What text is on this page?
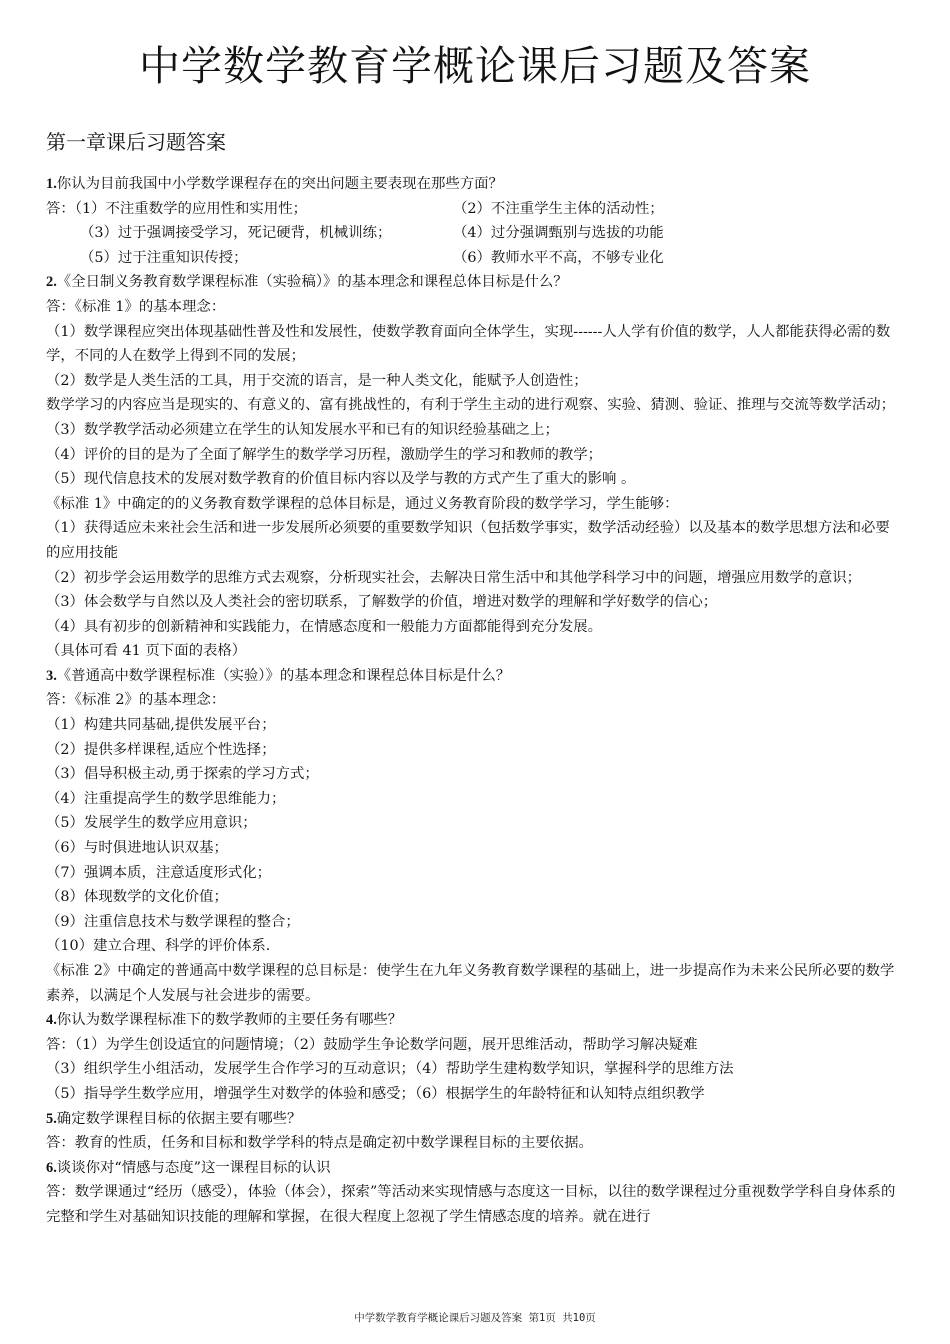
中学数学教育学概论课后习题及答案
第一章课后习题答案
1.你认为目前我国中小学数学课程存在的突出问题主要表现在那些方面？
答：（1）不注重数学的应用性和实用性；	（2）不注重学生主体的活动性；
（3）过于强调接受学习，死记硬背，机械训练；	（4）过分强调甄别与选拔的功能
（5）过于注重知识传授；	（6）教师水平不高，不够专业化
2.《全日制义务教育数学课程标准（实验稿）》的基本理念和课程总体目标是什么？
答：《标准 1》的基本理念：
（1）数学课程应突出体现基础性普及性和发展性，使数学教育面向全体学生，实现------人人学有价值的数学，人人都能获得必需的数学，不同的人在数学上得到不同的发展；
（2）数学是人类生活的工具，用于交流的语言，是一种人类文化，能赋予人创造性；
数学学习的内容应当是现实的、有意义的、富有挑战性的，有利于学生主动的进行观察、实验、猜测、验证、推理与交流等数学活动；
（3）数学教学活动必须建立在学生的认知发展水平和已有的知识经验基础之上；
（4）评价的目的是为了全面了解学生的数学学习历程，激励学生的学习和教师的教学；
（5）现代信息技术的发展对数学教育的价值目标内容以及学与教的方式产生了重大的影响 。
《标准 1》中确定的的义务教育数学课程的总体目标是，通过义务教育阶段的数学学习，学生能够：
（1）获得适应未来社会生活和进一步发展所必须要的重要数学知识（包括数学事实，数学活动经验）以及基本的数学思想方法和必要的应用技能
（2）初步学会运用数学的思维方式去观察，分析现实社会，去解决日常生活中和其他学科学习中的问题，增强应用数学的意识；
（3）体会数学与自然以及人类社会的密切联系，了解数学的价值，增进对数学的理解和学好数学的信心；
（4）具有初步的创新精神和实践能力，在情感态度和一般能力方面都能得到充分发展。
（具体可看 41 页下面的表格）
3.《普通高中数学课程标准（实验）》的基本理念和课程总体目标是什么？
答：《标准 2》的基本理念：
（1）构建共同基础,提供发展平台；
（2）提供多样课程,适应个性选择；
（3）倡导积极主动,勇于探索的学习方式；
（4）注重提高学生的数学思维能力；
（5）发展学生的数学应用意识；
（6）与时俱进地认识双基；
（7）强调本质，注意适度形式化；
（8）体现数学的文化价值；
（9）注重信息技术与数学课程的整合；
（10）建立合理、科学的评价体系.
《标准 2》中确定的普通高中数学课程的总目标是：使学生在九年义务教育数学课程的基础上，进一步提高作为未来公民所必要的数学素养，以满足个人发展与社会进步的需要。
4.你认为数学课程标准下的数学教师的主要任务有哪些？
答：（1）为学生创设适宜的问题情境；（2）鼓励学生争论数学问题，展开思维活动，帮助学习解决疑难
（3）组织学生小组活动，发展学生合作学习的互动意识；（4）帮助学生建构数学知识，掌握科学的思维方法
（5）指导学生数学应用，增强学生对数学的体验和感受；（6）根据学生的年龄特征和认知特点组织教学
5.确定数学课程目标的依据主要有哪些？
答：教育的性质，任务和目标和数学学科的特点是确定初中数学课程目标的主要依据。
6.谈谈你对“情感与态度”这一课程目标的认识
答：数学课通过“经历（感受），体验（体会），探索”等活动来实现情感与态度这一目标，以往的数学课程过分重视数学学科自身体系的完整和学生对基础知识技能的理解和掌握，在很大程度上忽视了学生情感态度的培养。就在进行
中学数学教育学概论课后习题及答案 第1页 共10页
